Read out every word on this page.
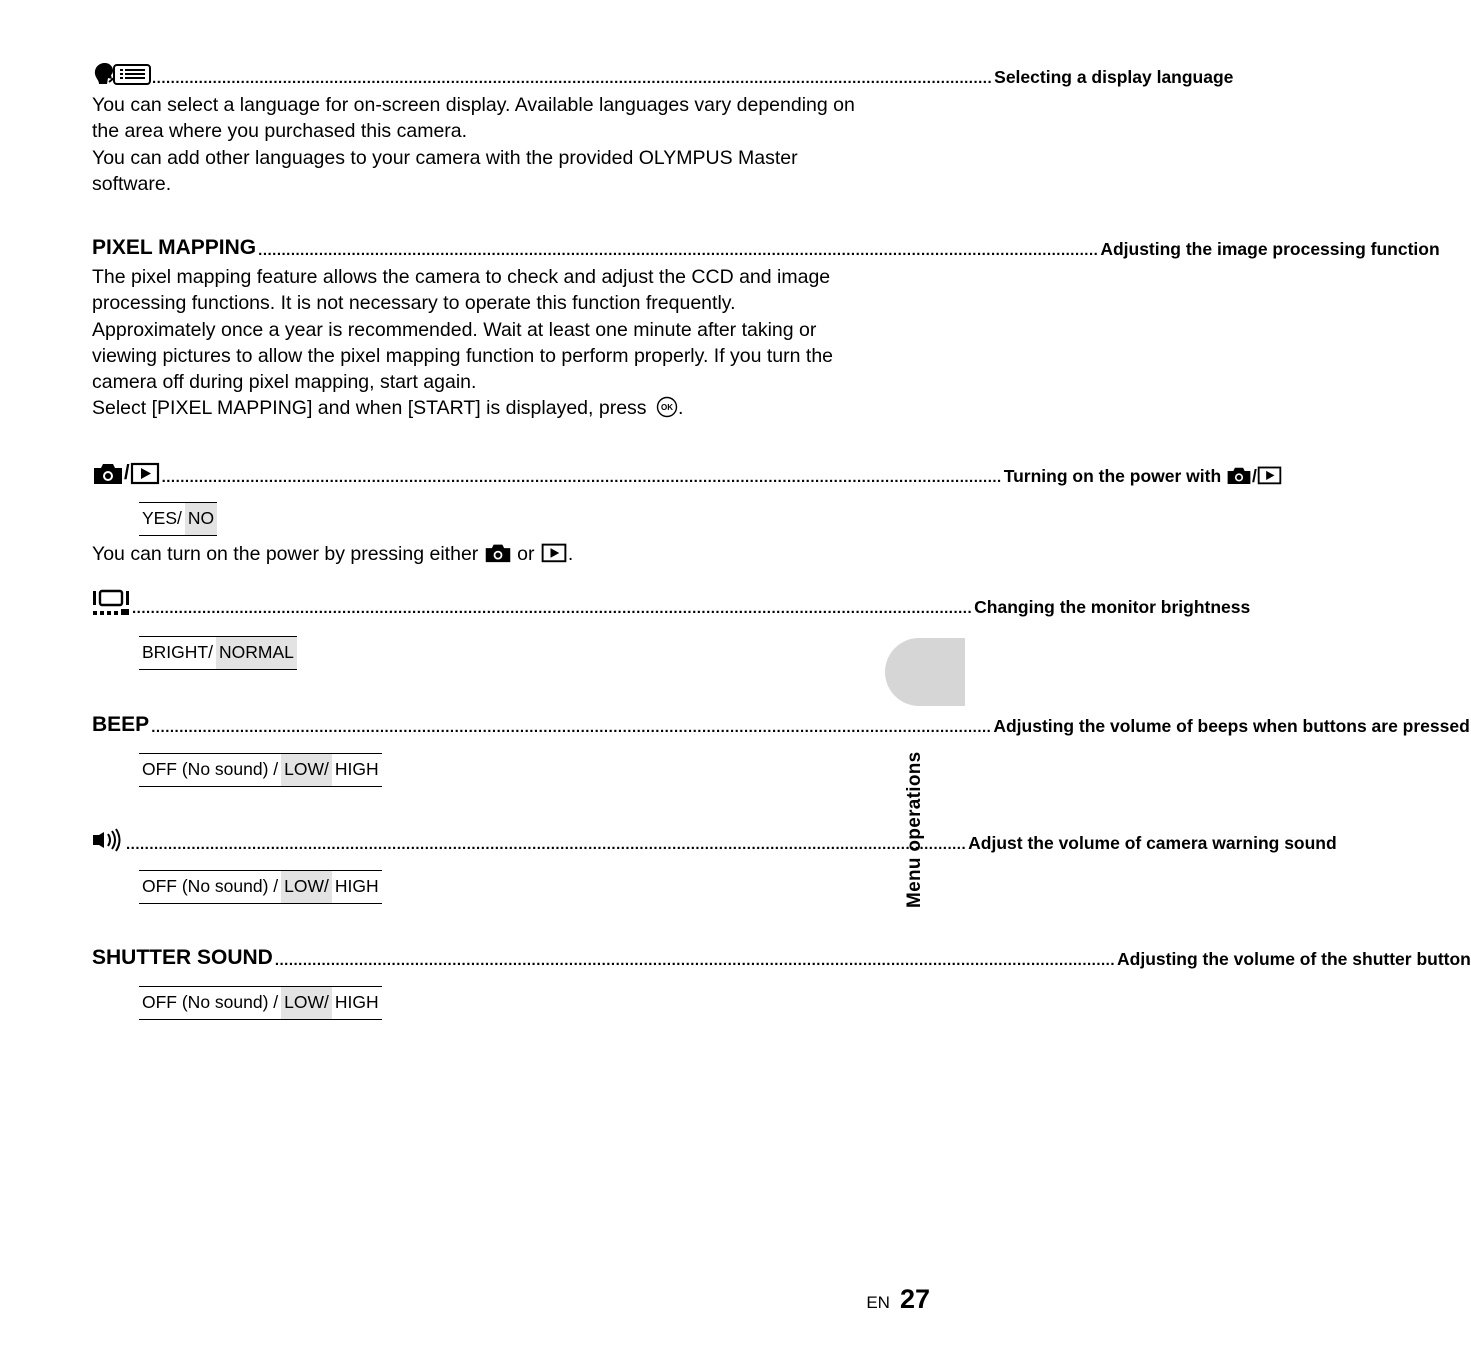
.................................................................................................................................................................................... Selecting a display language

You can select a language for on-screen display. Available languages vary depending on the area where you purchased this camera.

You can add other languages to your camera with the provided OLYMPUS Master software.

PIXEL MAPPING .................................................................................................................................................................................... Adjusting the image processing function

The pixel mapping feature allows the camera to check and adjust the CCD and image processing functions. It is not necessary to operate this function frequently.

Approximately once a year is recommended. Wait at least one minute after taking or viewing pictures to allow the pixel mapping function to perform properly. If you turn the camera off during pixel mapping, start again.

Select [PIXEL MAPPING] and when [START] is displayed, press OK .

/ .................................................................................................................................................................................... Turning on the power with
/
YES/ NO
You can turn on the power by pressing either or .
.................................................................................................................................................................................... Changing the monitor brightness
BRIGHT/ NORMAL
BEEP .................................................................................................................................................................................... Adjusting the volume of beeps when buttons are pressed
OFF (No sound) / LOW/ HIGH
.................................................................................................................................................................................... Adjust the volume of camera warning sound
OFF (No sound) / LOW/ HIGH
SHUTTER SOUND .................................................................................................................................................................................... Adjusting the volume of the shutter button
OFF (No sound) / LOW/ HIGH
Menu operations
EN 27
